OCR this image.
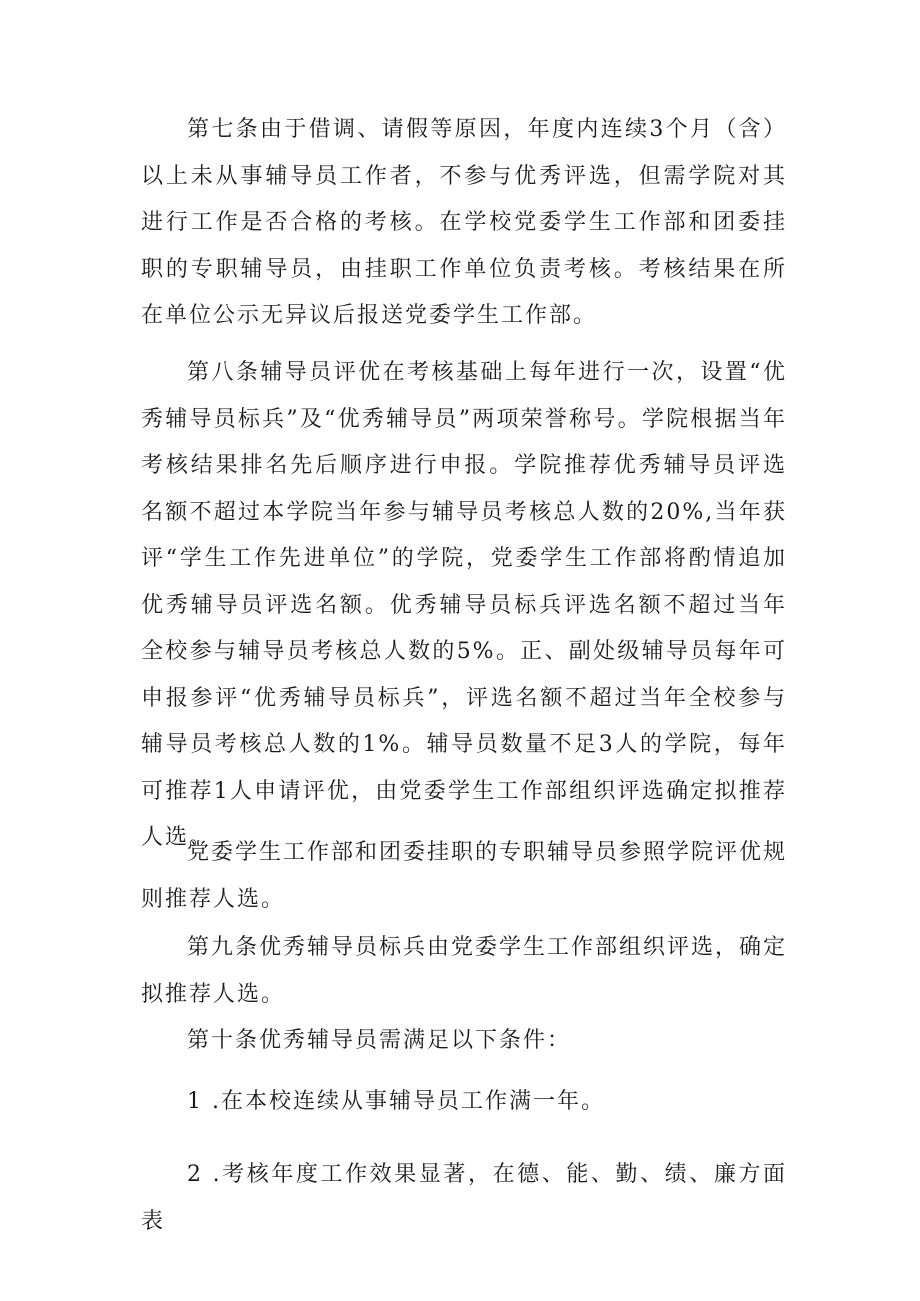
第七条由于借调、请假等原因，年度内连续3个月（含）以上未从事辅导员工作者，不参与优秀评选，但需学院对其进行工作是否合格的考核。在学校党委学生工作部和团委挂职的专职辅导员，由挂职工作单位负责考核。考核结果在所在单位公示无异议后报送党委学生工作部。

第八条辅导员评优在考核基础上每年进行一次，设置“优秀辅导员标兵”及“优秀辅导员”两项荣誉称号。学院根据当年考核结果排名先后顺序进行申报。学院推荐优秀辅导员评选名额不超过本学院当年参与辅导员考核总人数的20%,当年获评“学生工作先进单位”的学院，党委学生工作部将酌情追加优秀辅导员评选名额。优秀辅导员标兵评选名额不超过当年全校参与辅导员考核总人数的5%。正、副处级辅导员每年可申报参评“优秀辅导员标兵”，评选名额不超过当年全校参与辅导员考核总人数的1%。辅导员数量不足3人的学院，每年可推荐1人申请评优，由党委学生工作部组织评选确定拟推荐人选。

党委学生工作部和团委挂职的专职辅导员参照学院评优规则推荐人选。

第九条优秀辅导员标兵由党委学生工作部组织评选，确定拟推荐人选。

第十条优秀辅导员需满足以下条件：

1 .在本校连续从事辅导员工作满一年。

2 .考核年度工作效果显著，在德、能、勤、绩、廉方面表
